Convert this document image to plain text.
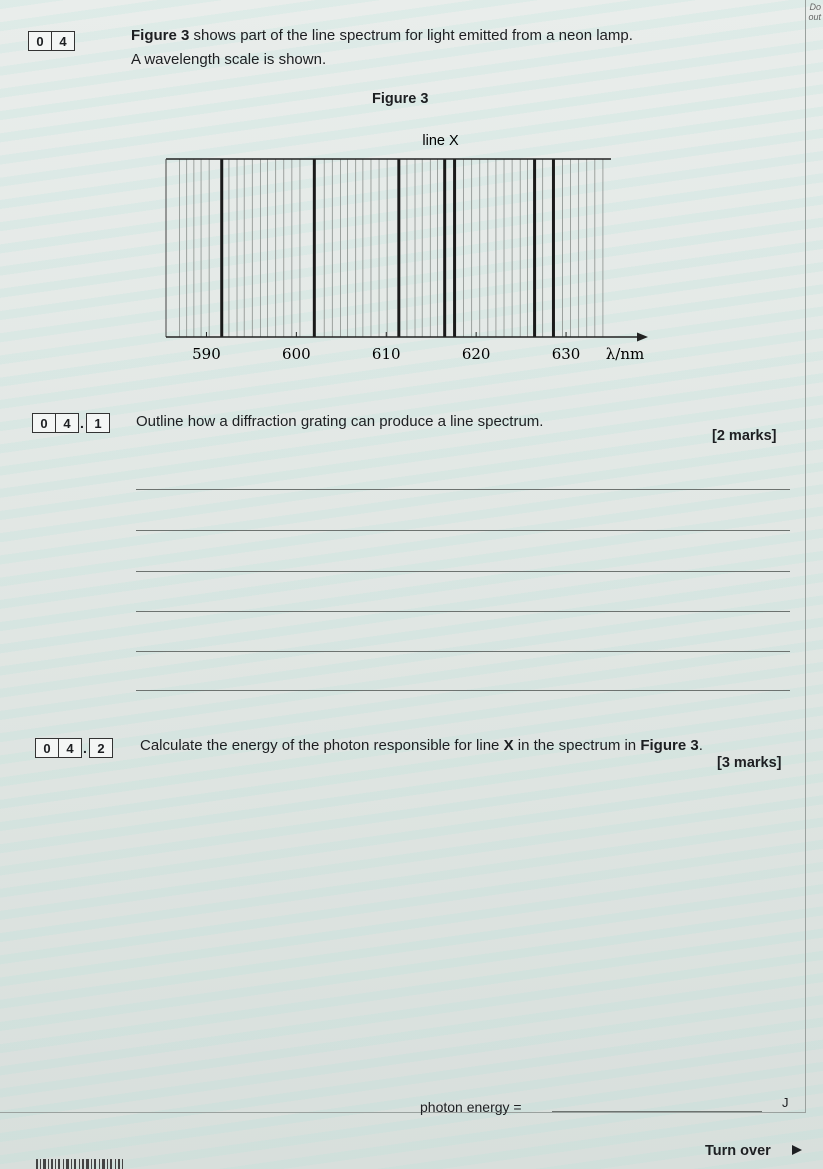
Do
out
0	4	Figure 3 shows part of the line spectrum for light emitted from a neon lamp.
A wavelength scale is shown.
Figure 3
590	600	610	620	630
line X
λ/nm
0	4 . 1	Outline how a diffraction grating can produce a line spectrum.
[2 marks]
0	4 . 2	Calculate the energy of the photon responsible for line X in the spectrum in Figure 3.
[3 marks]
photon energy =	J
Turn over
